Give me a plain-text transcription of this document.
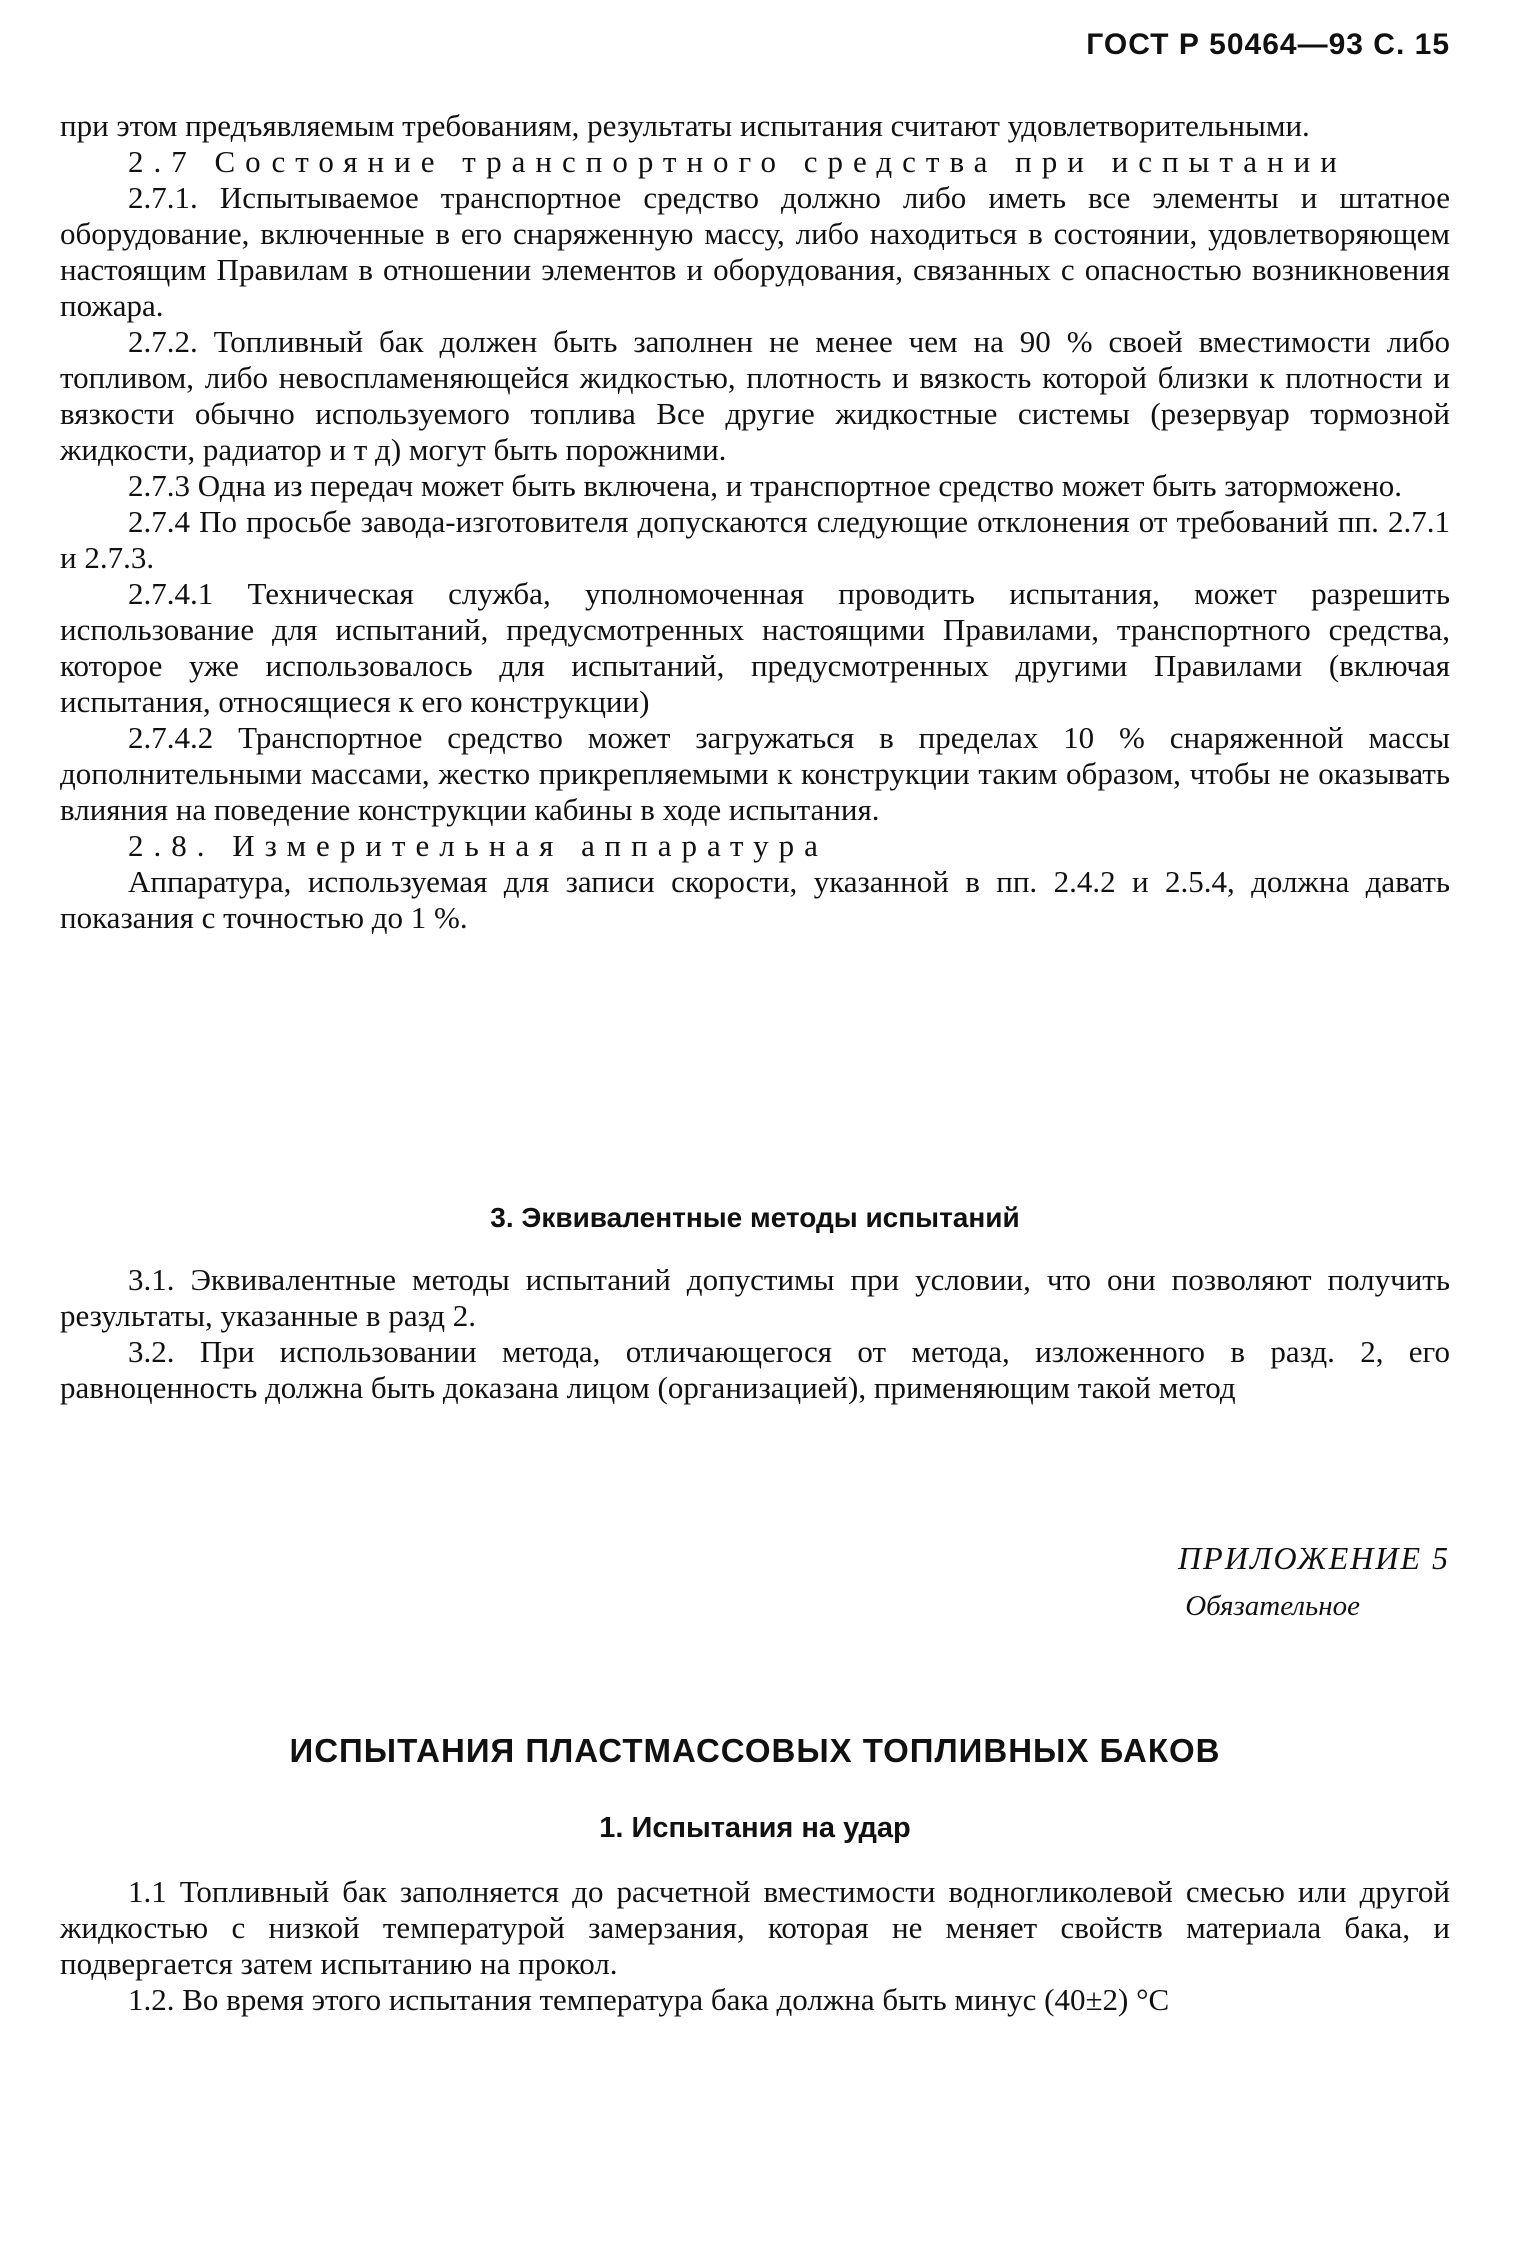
ГОСТ Р 50464—93 С. 15

при этом предъявляемым требованиям, результаты испытания считают удовлетворительными.

2.7 Состояние транспортного средства при испытании

2.7.1. Испытываемое транспортное средство должно либо иметь все элементы и штатное оборудование, включенные в его снаряженную массу, либо находиться в состоянии, удовлетворяющем настоящим Правилам в отношении элементов и оборудования, связанных с опасностью возникновения пожара.

2.7.2. Топливный бак должен быть заполнен не менее чем на 90 % своей вместимости либо топливом, либо невоспламеняющейся жидкостью, плотность и вязкость которой близки к плотности и вязкости обычно используемого топлива Все другие жидкостные системы (резервуар тормозной жидкости, радиатор и т д) могут быть порожними.

2.7.3 Одна из передач может быть включена, и транспортное средство может быть заторможено.

2.7.4 По просьбе завода-изготовителя допускаются следующие отклонения от требований пп. 2.7.1 и 2.7.3.

2.7.4.1 Техническая служба, уполномоченная проводить испытания, может разрешить использование для испытаний, предусмотренных настоящими Правилами, транспортного средства, которое уже использовалось для испытаний, предусмотренных другими Правилами (включая испытания, относящиеся к его конструкции)

2.7.4.2 Транспортное средство может загружаться в пределах 10 % снаряженной массы дополнительными массами, жестко прикрепляемыми к конструкции таким образом, чтобы не оказывать влияния на поведение конструкции кабины в ходе испытания.

2.8. Измерительная аппаратура

Аппаратура, используемая для записи скорости, указанной в пп. 2.4.2 и 2.5.4, должна давать показания с точностью до 1 %.

3. Эквивалентные методы испытаний

3.1. Эквивалентные методы испытаний допустимы при условии, что они позволяют получить результаты, указанные в разд 2.

3.2. При использовании метода, отличающегося от метода, изложенного в разд. 2, его равноценность должна быть доказана лицом (организацией), применяющим такой метод

ПРИЛОЖЕНИЕ 5
Обязательное
ИСПЫТАНИЯ ПЛАСТМАССОВЫХ ТОПЛИВНЫХ БАКОВ
1. Испытания на удар

1.1 Топливный бак заполняется до расчетной вместимости водногликолевой смесью или другой жидкостью с низкой температурой замерзания, которая не меняет свойств материала бака, и подвергается затем испытанию на прокол.

1.2. Во время этого испытания температура бака должна быть минус (40±2) °С
